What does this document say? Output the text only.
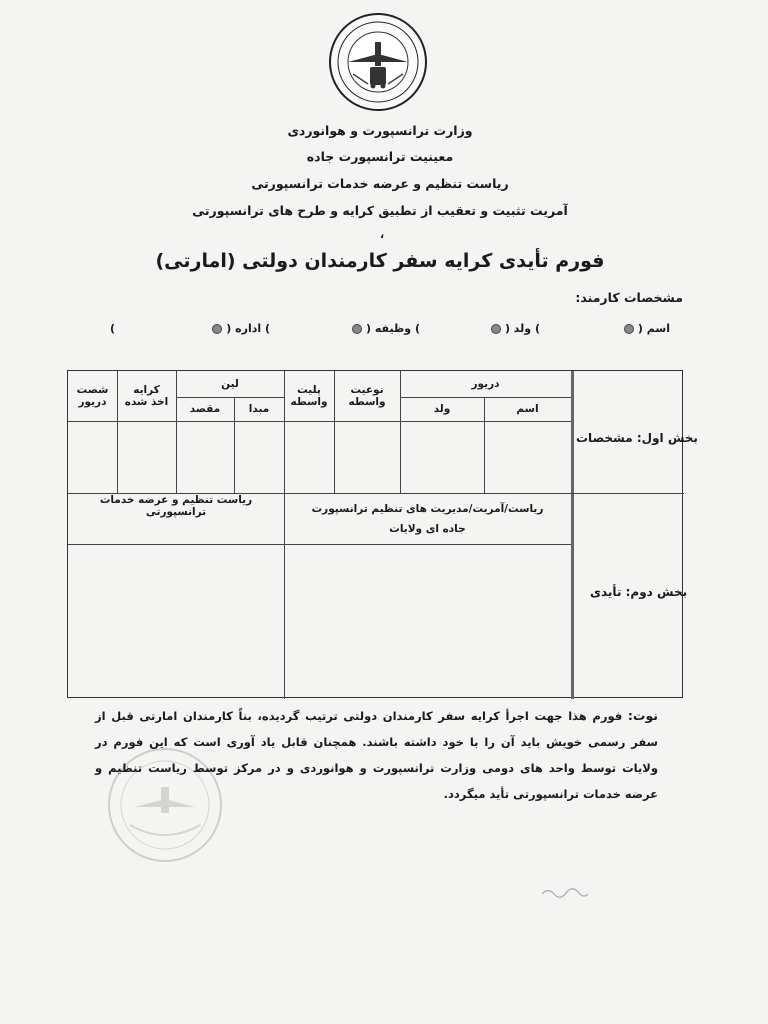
وزارت ترانسپورت و هوانوردی
معینیت ترانسپورت جاده
ریاست تنظیم و عرضه خدمات ترانسپورتی
آمریت تثبیت و تعقیب از تطبیق کرایه و طرح های ترانسپورتی
،
فورم تأیدی کرایه سفر کارمندان دولتی (امارتی)
مشخصات کارمند:
اسم (
) ولد (
) وظیفه (
) اداره (
)
دریور
اسم
ولد
نوعیت واسطه
پلیت واسطه
لین
مبدا
مقصد
کرایه اخذ شده
شصت دریور
بخش اول: مشخصات
بخش دوم: تأیدی
ریاست/آمریت/مدیریت های تنظیم ترانسپورت جاده ای ولایات
ریاست تنظیم و عرضه خدمات ترانسپورتی
نوت: فورم هذا جهت اجرأ کرایه سفر کارمندان دولتی ترتیب گردیده، بناً کارمندان امارتی قبل از سفر رسمی خویش باید آن را با خود داشته باشند. همچنان قابل یاد آوری است که این فورم در ولایات توسط واحد های دومی وزارت ترانسپورت و هوانوردی و در مرکز توسط ریاست تنظیم و عرضه خدمات ترانسپورتی تأید میگردد.
